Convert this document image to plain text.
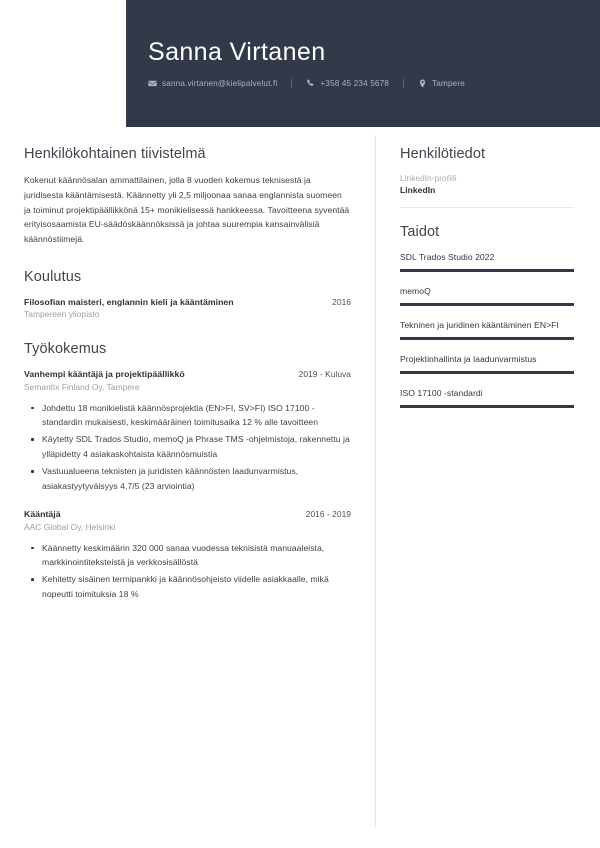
Sanna Virtanen
sanna.virtanen@kielipalvelut.fi	+358 45 234 5678	Tampere
Henkilökohtainen tiivistelmä

Kokenut käännösalan ammattilainen, jolla 8 vuoden kokemus teknisestä ja juridisesta kääntämisestä. Käännetty yli 2,5 miljoonaa sanaa englannista suomeen ja toiminut projektipäällikkönä 15+ monikielisessä hankkeessa. Tavoitteena syventää erityisosaamista EU-säädöskäännöksissä ja johtaa suurempia kansainvälisiä käännöstiimejä.

Koulutus
Filosofian maisteri, englannin kieli ja kääntäminen	2016
Tampereen yliopisto
Työkokemus
Vanhempi kääntäjä ja projektipäällikkö	2019 - Kuluva
Semantix Finland Oy, Tampere
Johdettu 18 monikielistä käännösprojektia (EN>FI, SV>FI) ISO 17100 -standardin mukaisesti, keskimääräinen toimitusaika 12 % alle tavoitteen
Käytetty SDL Trados Studio, memoQ ja Phrase TMS -ohjelmistoja, rakennettu ja ylläpidetty 4 asiakaskohtaista käännösmuistia
Vastuualueena teknisten ja juridisten käännösten laadunvarmistus, asiakastyytyväisyys 4,7/5 (23 arviointia)
Kääntäjä	2016 - 2019
AAC Global Oy, Helsinki
Käännetty keskimäärin 320 000 sanaa vuodessa teknisistä manuaaleista, markkinointiteksteistä ja verkkosisällöstä
Kehitetty sisäinen termipankki ja käännösohjeisto viidelle asiakkaalle, mikä nopeutti toimituksia 18 %
Henkilötiedot
LinkedIn-profiili
LinkedIn
Taidot
SDL Trados Studio 2022
memoQ
Tekninen ja juridinen kääntäminen EN>FI
Projektinhallinta ja laadunvarmistus
ISO 17100 -standardi
